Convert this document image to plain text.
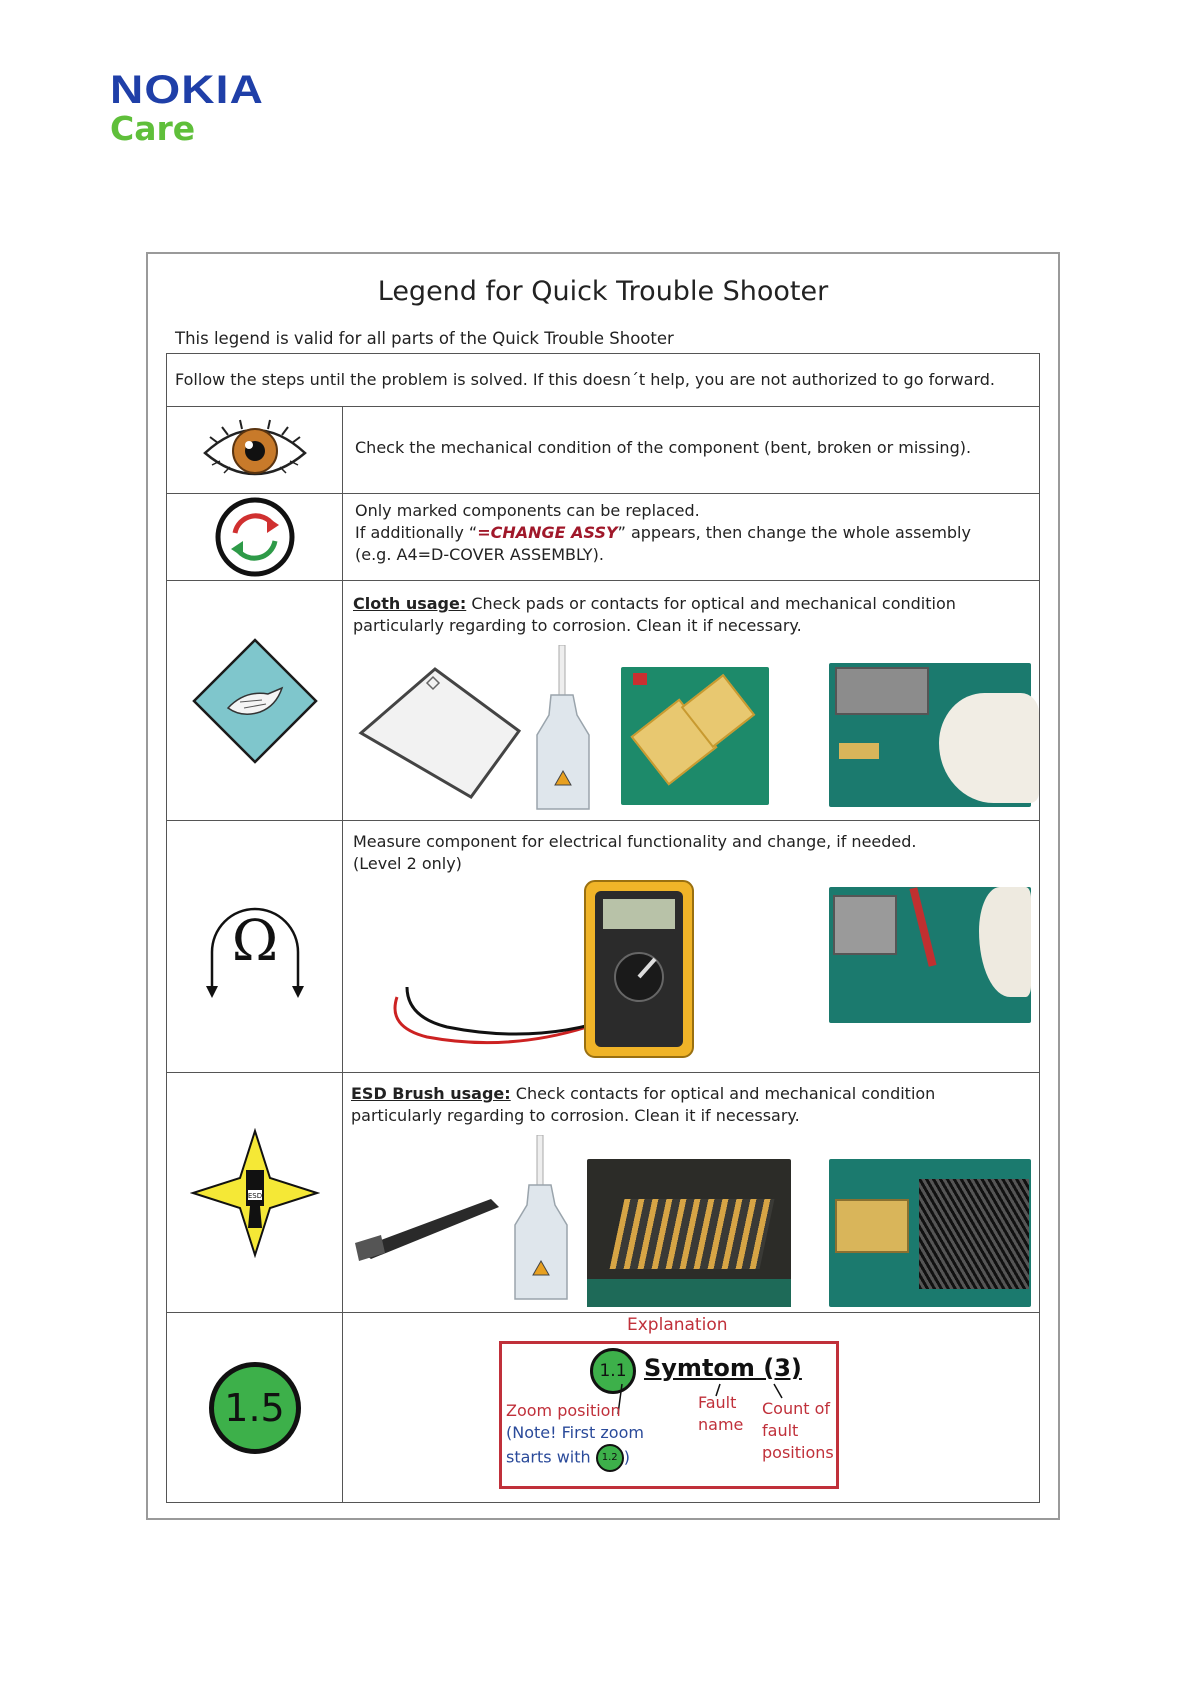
NOKIA
Care
Legend for Quick Trouble Shooter
This legend is valid for all parts of the Quick Trouble Shooter
Follow the steps until the problem is solved. If this doesn´t help, you are not authorized to go forward.
Check the mechanical condition of the component (bent, broken or missing).
Only marked components can be replaced.
If additionally “=CHANGE ASSY” appears, then change the whole assembly
(e.g. A4=D-COVER ASSEMBLY).
Cloth usage: Check pads or contacts for optical and mechanical condition
particularly regarding to corrosion. Clean it if necessary.
Ω
Measure component for electrical functionality and change, if needed.
(Level 2 only)
ESD
ESD Brush usage: Check contacts for optical and mechanical condition
particularly regarding to corrosion. Clean it if necessary.
1.5
Explanation
1.1 Symtom (3)
Zoom position
(Note! First zoom
starts with 1.2 )
Fault
name
Count of
fault
positions
